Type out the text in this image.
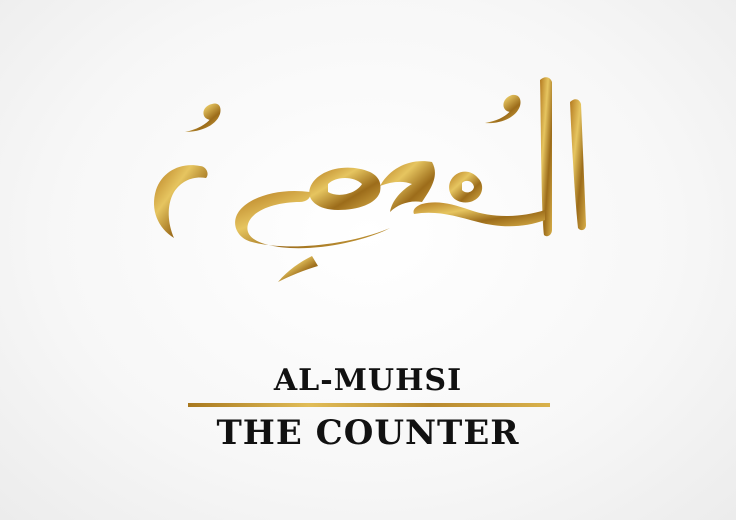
AL-MUHSI
THE COUNTER
